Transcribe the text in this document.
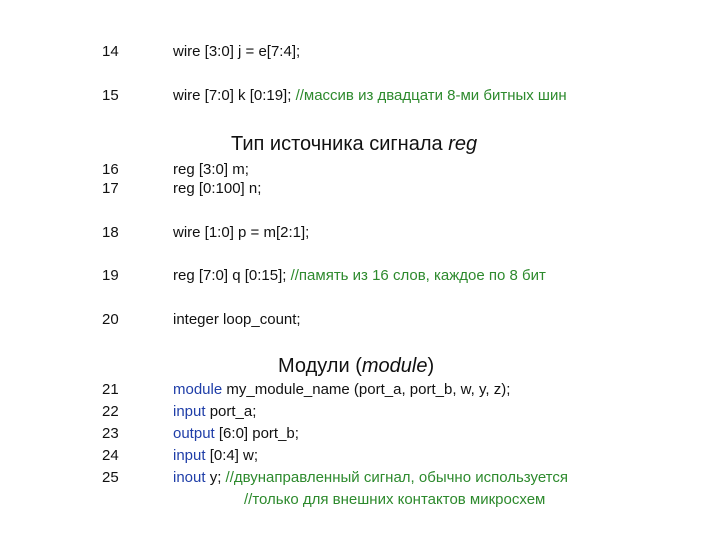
14	wire [3:0] j = e[7:4];
15	wire [7:0] k [0:19]; //массив из двадцати 8-ми битных шин
Тип источника сигнала reg
16	reg [3:0] m;
17	reg [0:100] n;
18	wire [1:0] p = m[2:1];
19	reg [7:0] q [0:15]; //память из 16 слов, каждое по 8 бит
20	integer loop_count;
Модули (module)
21	module my_module_name (port_a, port_b, w, y, z);
22	input port_a;
23	output [6:0] port_b;
24	input [0:4] w;
25	inout y; //двунаправленный сигнал, обычно используется
//только для внешних контактов микросхем
